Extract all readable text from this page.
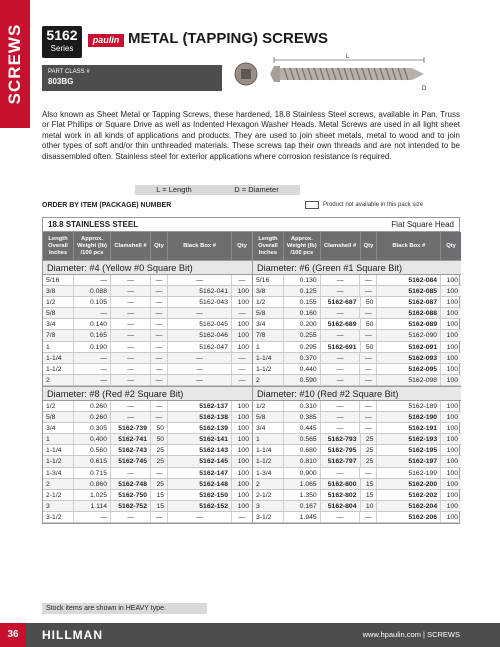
SCREWS	5162
Series
paulin METAL (TAPPING) SCREWS
PART CLASS #
803BG
L
D

Also known as Sheet Metal or Tapping Screws, these hardened, 18.8 Stainless Steel screws, available in Pan, Truss or Flat Phillips or Square Drive as well as Indented Hexagon Washer Heads. Metal Screws are used in all light sheet metal work in all kinds of applications and products. They are used to join sheet metals, metal to wood and to join other types of soft and/or thin unthreaded materials. These screws tap their own threads and are not intended to be disassembled often. Stainless steel for exterior applications where corrosion resistance is required.

L = Length	D = Diameter
ORDER BY ITEM (PACKAGE) NUMBER	Product not available in this pack size
18.8 STAINLESS STEEL	Flat Square Head
Length Overall Inches
Approx. Weight (lb) /100 pcs
Clamshell #	Qty	Black Box #	Qty
Length Overall Inches
Approx. Weight (lb) /100 pcs
Clamshell #	Qty	Black Box #	Qty
Diameter: #4 (Yellow #0 Square Bit)
5/16	—	—	—	—	—
3/8	0.088	—	—	5162-041	100
1/2	0.105	—	—	5162-043	100
5/8	—	—	—	—	—
3/4	0.140	—	—	5162-045	100
7/8	0.165	—	—	5162-046	100
1	0.190	—	—	5162-047	100
1-1/4	—	—	—	—	—
1-1/2	—	—	—	—	—
2	—	—	—	—	—
Diameter: #6 (Green #1 Square Bit)
5/16	0.130	—	—	5162-084	100
3/8	0.125	—	—	5162-085	100
1/2	0.155	5162-687	50	5162-087	100
5/8	0.160	—	—	5162-088	100
3/4	0.200	5162-689	50	5162-089	100
7/8	0.255	—	—	5162-090	100
1	0.295	5162-691	50	5162-091	100
1-1/4	0.370	—	—	5162-093	100
1-1/2	0.440	—	—	5162-095	100
2	0.590	—	—	5162-098	100
Diameter: #8 (Red #2 Square Bit)
1/2	0.260	—	—	5162-137	100
5/8	0.260	—	—	5162-138	100
3/4	0.305	5162-739	50	5162-139	100
1	0.400	5162-741	50	5162-141	100
1-1/4	0.560	5162-743	25	5162-143	100
1-1/2	0.615	5162-745	25	5162-145	100
1-3/4	0.715	—	—	5162-147	100
2	0.860	5162-748	25	5162-148	100
2-1/2	1.025	5162-750	15	5162-150	100
3	1.114	5162-752	15	5162-152	100
3-1/2	—	—	—	—	—
Diameter: #10 (Red #2 Square Bit)
1/2	0.310	—	—	5162-189	100
5/8	0.385	—	—	5162-190	100
3/4	0.445	—	—	5162-191	100
1	0.565	5162-793	25	5162-193	100
1-1/4	0.680	5162-795	25	5162-195	100
1-1/2	0.810	5162-797	25	5162-197	100
1-3/4	0.900	—	—	5162-199	100
2	1.065	5162-800	15	5162-200	100
2-1/2	1.350	5162-802	15	5162-202	100
3	0.167	5162-804	10	5162-204	100
3-1/2	1.945	—	—	5162-206	100
Stock items are shown in HEAVY type.
36	HILLMAN	www.hpaulin.com | SCREWS
